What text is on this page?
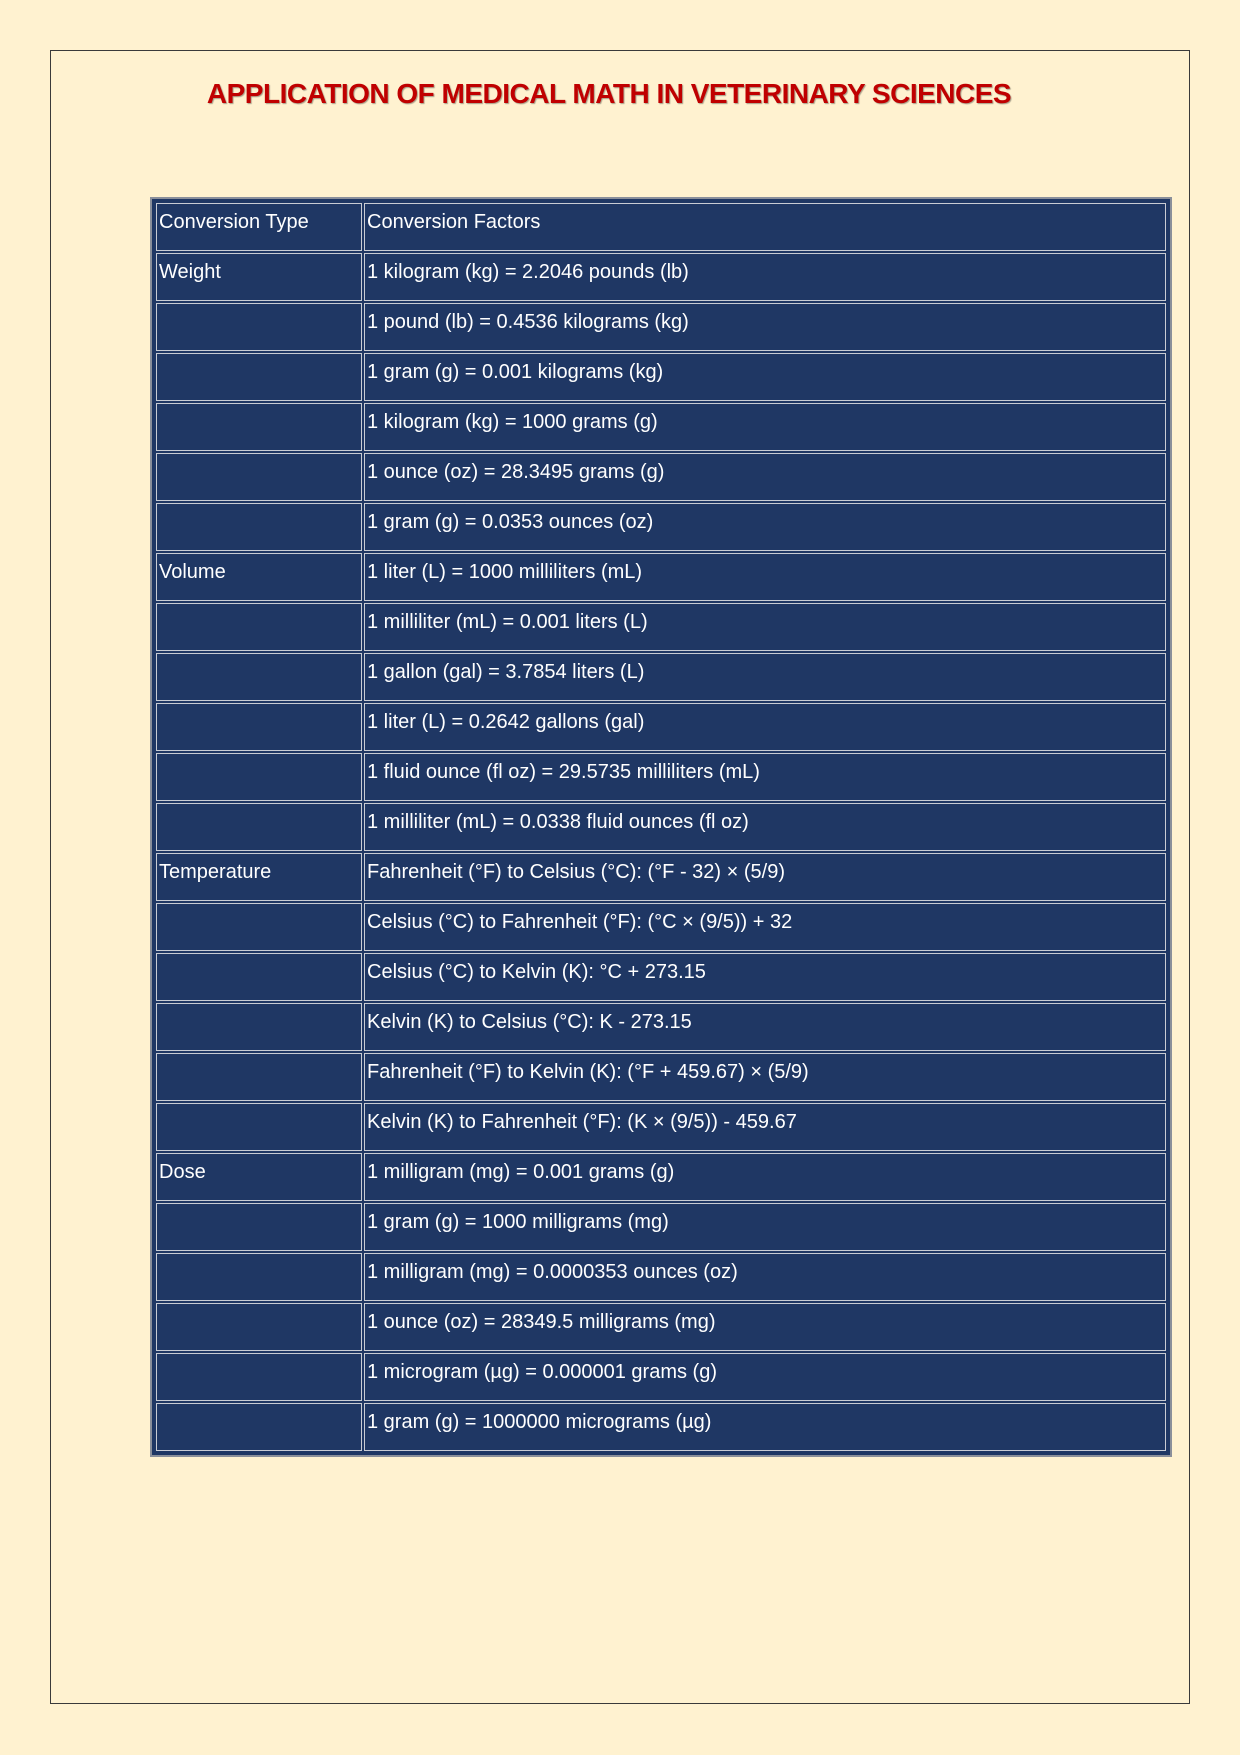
APPLICATION OF MEDICAL MATH IN VETERINARY SCIENCES
Conversion Type	Conversion Factors
Weight	1 kilogram (kg) = 2.2046 pounds (lb)
	1 pound (lb) = 0.4536 kilograms (kg)
	1 gram (g) = 0.001 kilograms (kg)
	1 kilogram (kg) = 1000 grams (g)
	1 ounce (oz) = 28.3495 grams (g)
	1 gram (g) = 0.0353 ounces (oz)
Volume	1 liter (L) = 1000 milliliters (mL)
	1 milliliter (mL) = 0.001 liters (L)
	1 gallon (gal) = 3.7854 liters (L)
	1 liter (L) = 0.2642 gallons (gal)
	1 fluid ounce (fl oz) = 29.5735 milliliters (mL)
	1 milliliter (mL) = 0.0338 fluid ounces (fl oz)
Temperature	Fahrenheit (°F) to Celsius (°C): (°F - 32) × (5/9)
	Celsius (°C) to Fahrenheit (°F): (°C × (9/5)) + 32
	Celsius (°C) to Kelvin (K): °C + 273.15
	Kelvin (K) to Celsius (°C): K - 273.15
	Fahrenheit (°F) to Kelvin (K): (°F + 459.67) × (5/9)
	Kelvin (K) to Fahrenheit (°F): (K × (9/5)) - 459.67
Dose	1 milligram (mg) = 0.001 grams (g)
	1 gram (g) = 1000 milligrams (mg)
	1 milligram (mg) = 0.0000353 ounces (oz)
	1 ounce (oz) = 28349.5 milligrams (mg)
	1 microgram (µg) = 0.000001 grams (g)
	1 gram (g) = 1000000 micrograms (µg)
